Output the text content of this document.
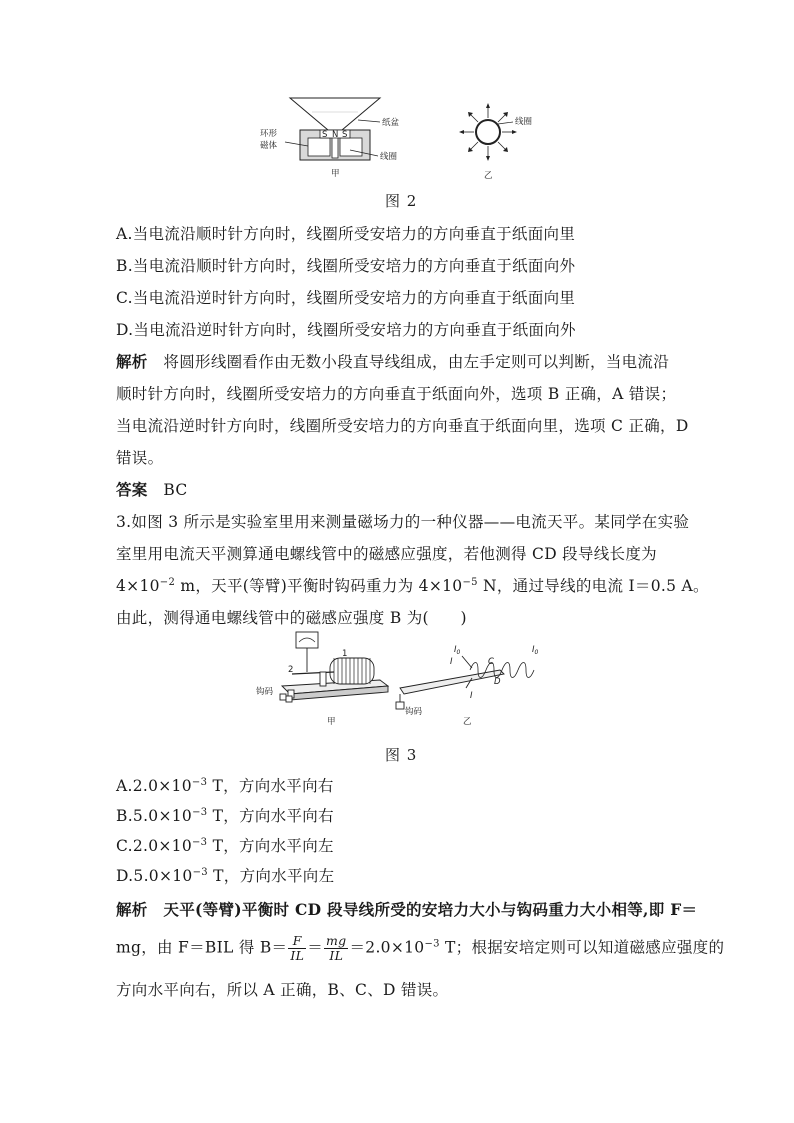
S N S
纸盆
环形
磁体
线圈
甲
线圈
乙
图 2
A.当电流沿顺时针方向时，线圈所受安培力的方向垂直于纸面向里
B.当电流沿顺时针方向时，线圈所受安培力的方向垂直于纸面向外
C.当电流沿逆时针方向时，线圈所受安培力的方向垂直于纸面向里
D.当电流沿逆时针方向时，线圈所受安培力的方向垂直于纸面向外
解析　 将圆形线圈看作由无数小段直导线组成，由左手定则可以判断，当电流沿
顺时针方向时，线圈所受安培力的方向垂直于纸面向外，选项 B 正确，A 错误；
当电流沿逆时针方向时，线圈所受安培力的方向垂直于纸面向里，选项 C 正确，D
错误。
答案　 BC
3.如图 3 所示是实验室里用来测量磁场力的一种仪器——电流天平。某同学在实验
室里用电流天平测算通电螺线管中的磁感应强度，若他测得 CD 段导线长度为
$4\times 10^{-2}$ m，天平(等臂)平衡时钩码重力为 $4\times 10^{-5}$ N，通过导线的电流 I＝0.5 A。
由此，测得通电螺线管中的磁感应强度 B 为(　　)
2
1
钩码
甲
I
$I_0$
C
D
$I_0$
I
钩码
乙
图 3
$A.2.0\times 10^{-3}$ T，方向水平向右
$B.5.0\times 10^{-3}$ T，方向水平向右
$C.2.0\times 10^{-3}$ T，方向水平向左
$D.5.0\times 10^{-3}$ T，方向水平向左
解析　 天平(等臂)平衡时 CD 段导线所受的安培力大小与钩码重力大小相等,即 F＝
mg，由 F＝BIL 得 $B= \frac{F}{IL} = \frac{mg}{IL} =2.0\times 10^{-3}$ T；根据安培定则可以知道磁感应强度的
方向水平向右，所以 A 正确，B、C、D 错误。
